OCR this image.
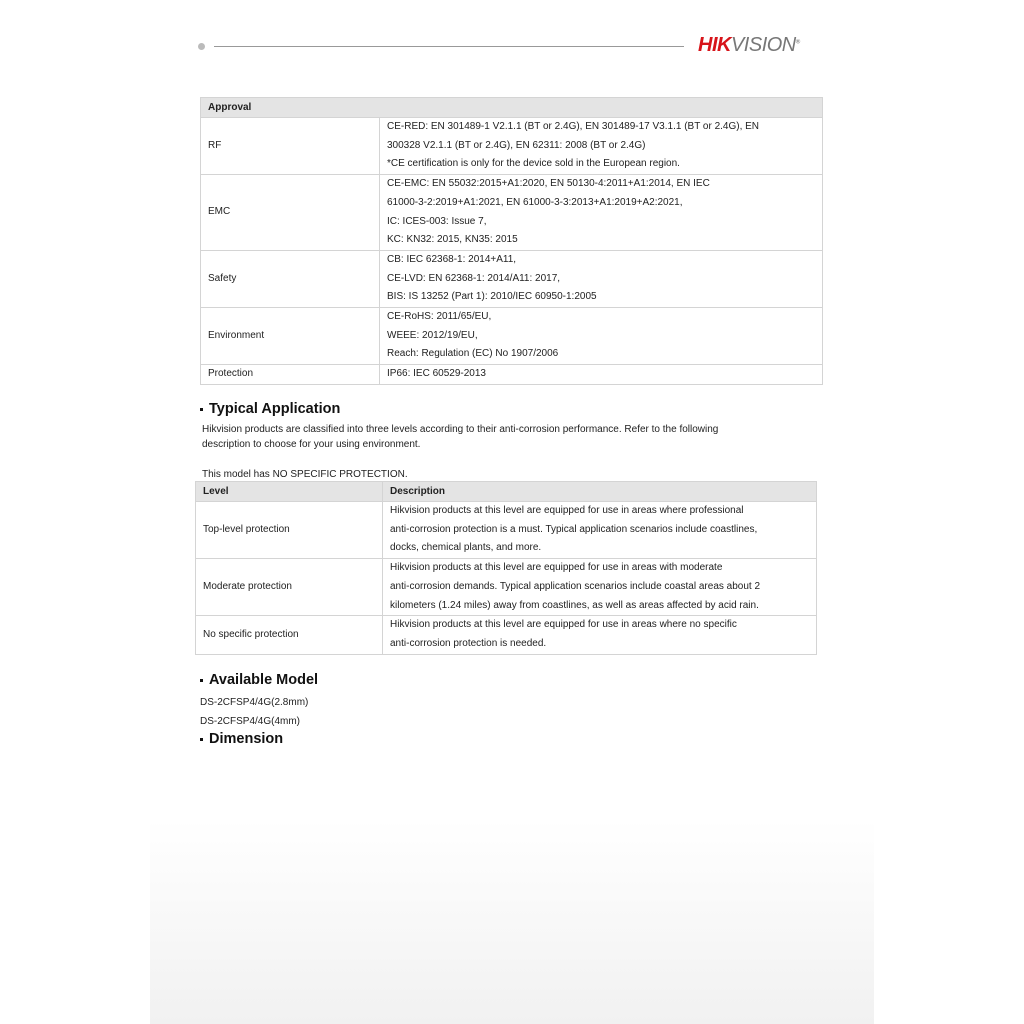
HIKVISION®
Approval	
RF	CE-RED: EN 301489-1 V2.1.1 (BT or 2.4G), EN 301489-17 V3.1.1 (BT or 2.4G), EN
300328 V2.1.1 (BT or 2.4G), EN 62311: 2008 (BT or 2.4G)
*CE certification is only for the device sold in the European region.

EMC	CE-EMC: EN 55032:2015+A1:2020, EN 50130-4:2011+A1:2014, EN IEC
61000-3-2:2019+A1:2021, EN 61000-3-3:2013+A1:2019+A2:2021,
IC: ICES-003: Issue 7,
KC: KN32: 2015, KN35: 2015

Safety	CB: IEC 62368-1: 2014+A11,
CE-LVD: EN 62368-1: 2014/A11: 2017,
BIS: IS 13252 (Part 1): 2010/IEC 60950-1:2005

Environment	CE-RoHS: 2011/65/EU,
WEEE: 2012/19/EU,
Reach: Regulation (EC) No 1907/2006

Protection	IP66: IEC 60529-2013
Typical Application
Hikvision products are classified into three levels according to their anti-corrosion performance. Refer to the following
description to choose for your using environment.
This model has NO SPECIFIC PROTECTION.
Level	Description
Top-level protection	Hikvision products at this level are equipped for use in areas where professional
anti-corrosion protection is a must. Typical application scenarios include coastlines,
docks, chemical plants, and more.

Moderate protection	Hikvision products at this level are equipped for use in areas with moderate
anti-corrosion demands. Typical application scenarios include coastal areas about 2
kilometers (1.24 miles) away from coastlines, as well as areas affected by acid rain.

No specific protection	Hikvision products at this level are equipped for use in areas where no specific
anti-corrosion protection is needed.
Available Model
DS-2CFSP4/4G(2.8mm)
DS-2CFSP4/4G(4mm)
Dimension
